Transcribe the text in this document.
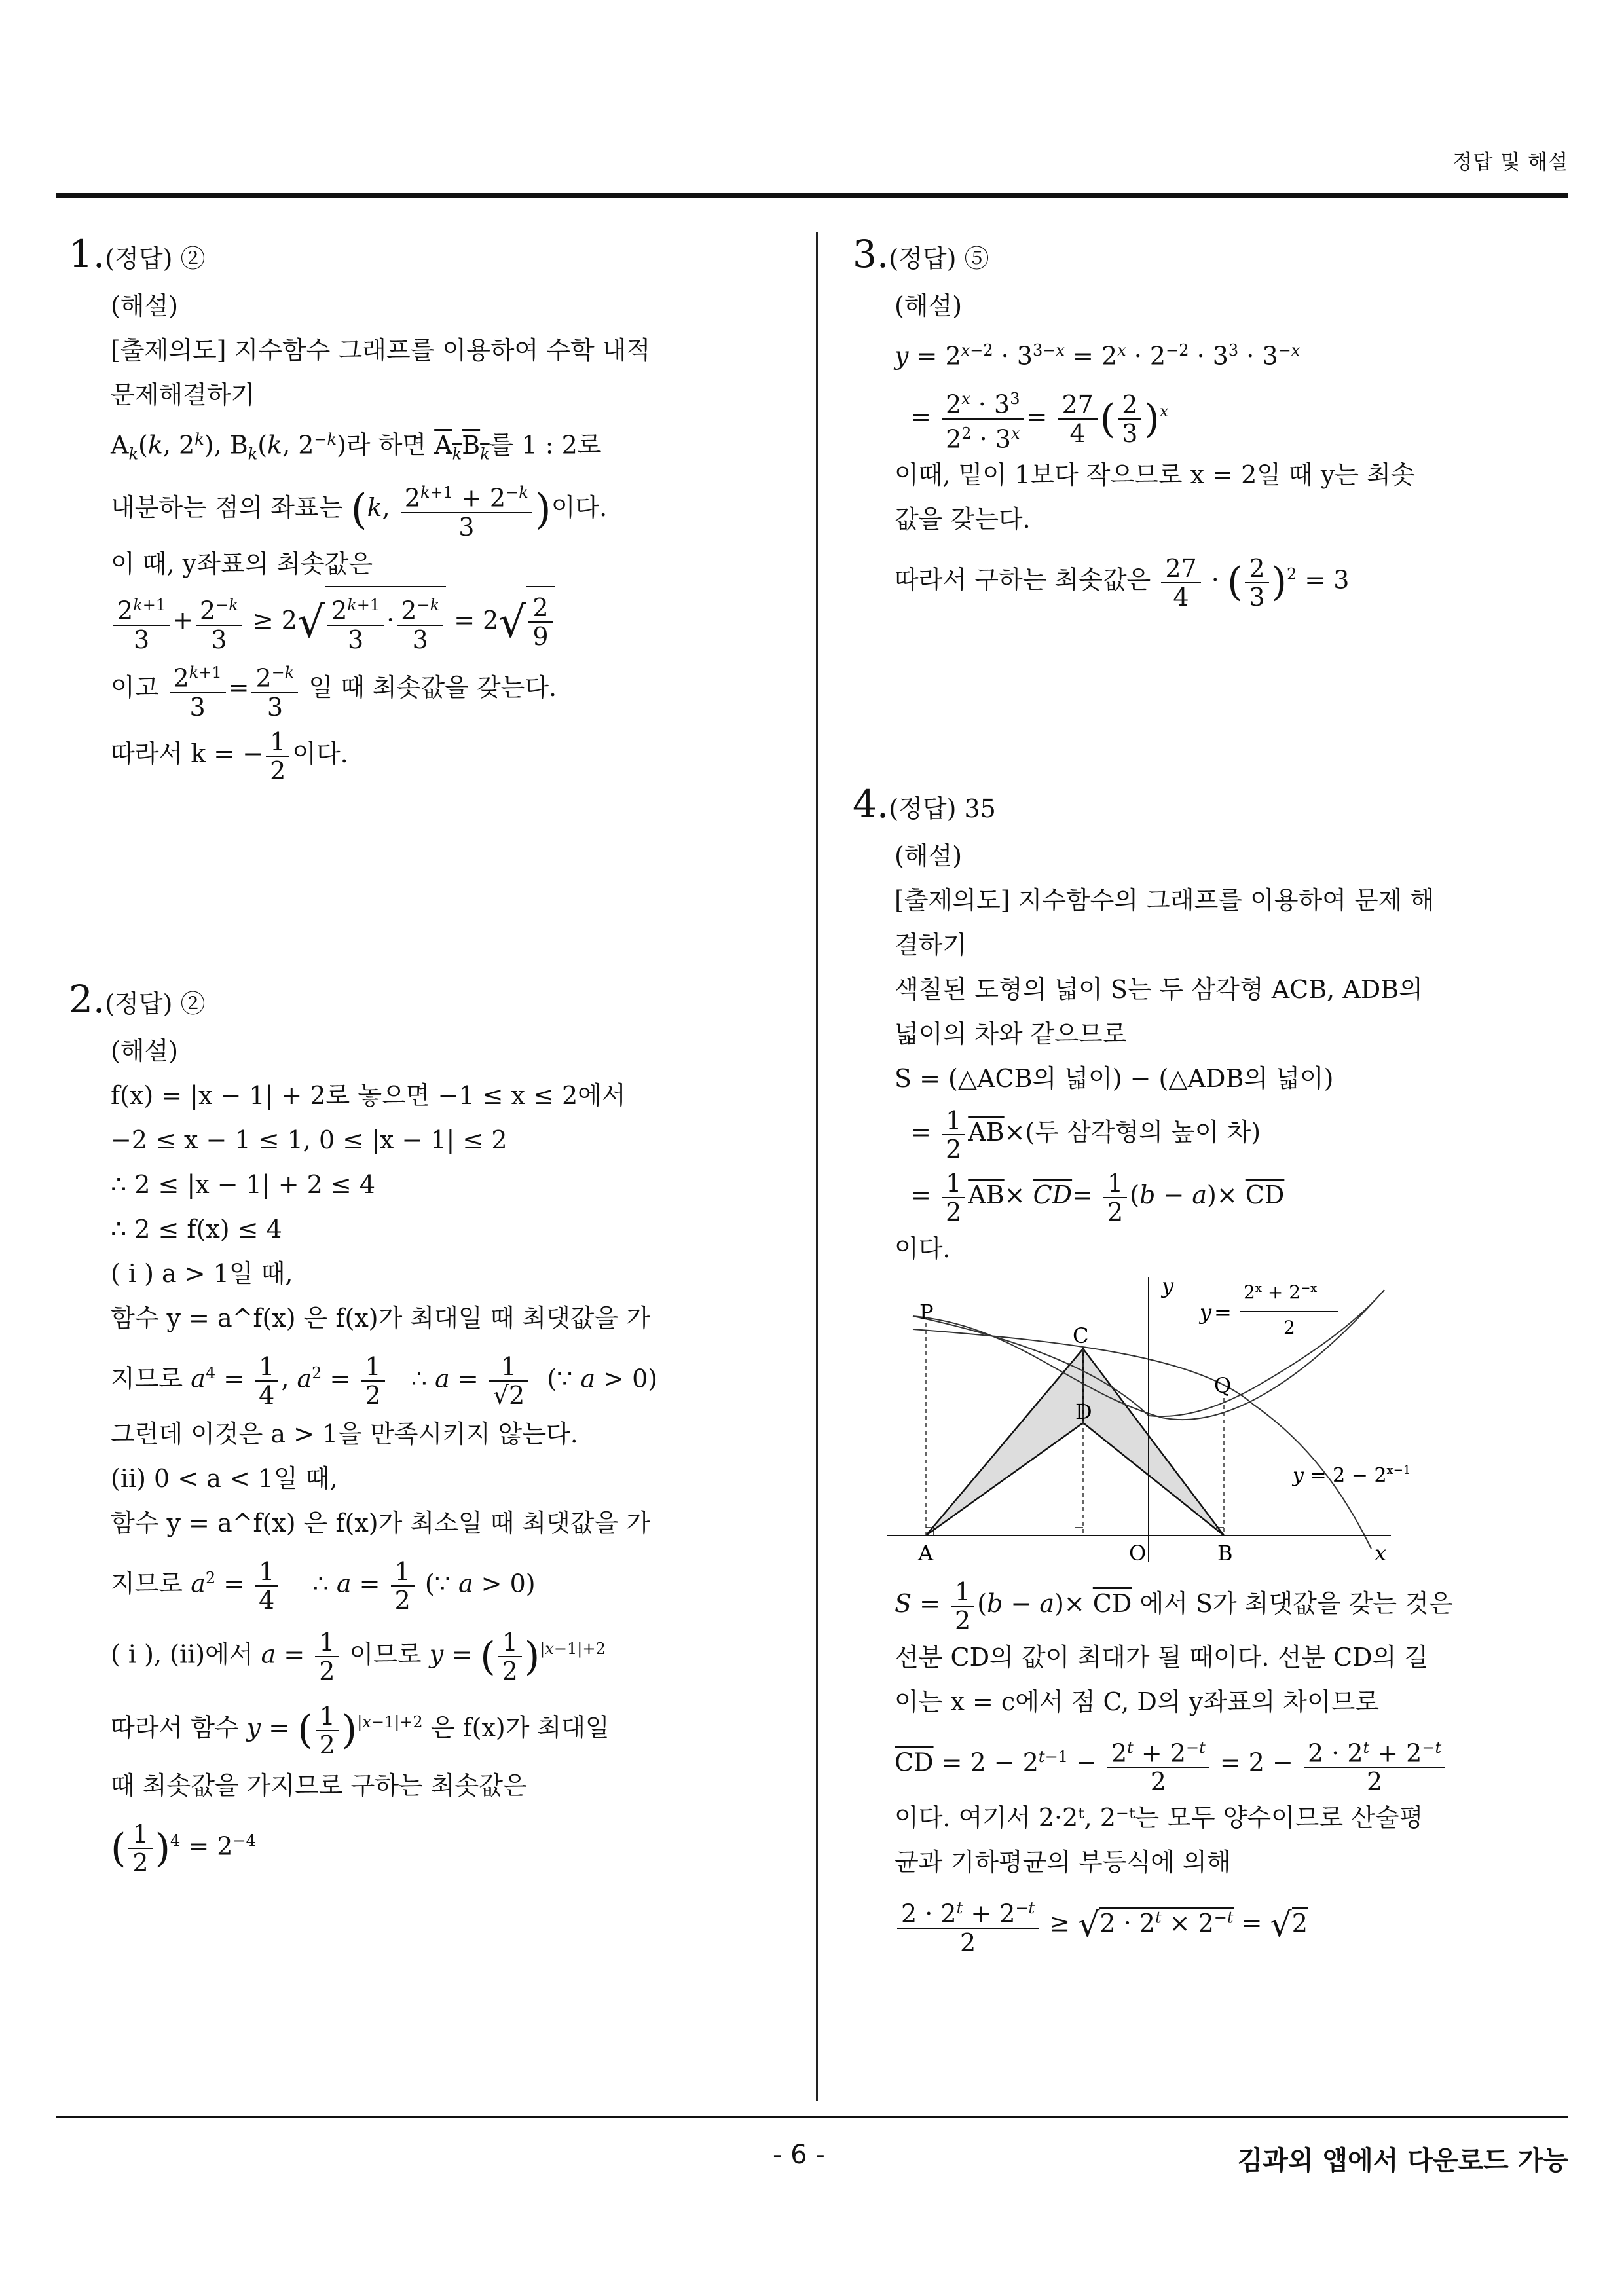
정답 및 해설
1.(정답) ②
(해설)
[출제의도] 지수함수 그래프를 이용하여 수학 내적
문제해결하기
$A_k(k$, 2$^k$), $B_k(k$, $2^{-k}$)라 하면 $A_kB_k$를 1 : 2로
내분하는 점의 좌표는 (k, $\frac{2^{k+1} + 2^{-k}}{3}$ )이다.
이 때, y좌표의 최솟값은
$\frac{2^{k+1}}{3} + \frac{2^{-k}}{3} \ge 2√ \frac{2^{k+1}}{3} \cdot \frac{2^{-k}}{3} = 2√ \frac{2}{9}$
이고 $\frac{2^{k+1}}{3} = \frac{2^{-k}}{3}$ 일 때 최솟값을 갖는다.
따라서 k = − $\frac{1}{2}$ 이다.
2.(정답) ②
(해설)
f(x) = |x − 1| + 2로 놓으면 −1 ≤ x ≤ 2에서
−2 ≤ x − 1 ≤ 1, 0 ≤ |x − 1| ≤ 2
∴ 2 ≤ |x − 1| + 2 ≤ 4
∴ 2 ≤ f(x) ≤ 4
( i ) a > 1일 때,
함수 y = a^f(x) 은 f(x)가 최대일 때 최댓값을 가
지므로 $a^4 = \frac{1}{4}$ , $a^2 = \frac{1}{2}$ ∴ $a = \frac{1}{√2}$ (∵ a > 0)
그런데 이것은 a > 1을 만족시키지 않는다.
(ii) 0 < a < 1일 때,
함수 y = a^f(x) 은 f(x)가 최소일 때 최댓값을 가
지므로 $a^2 = \frac{1}{4}$ ∴ $a = \frac{1}{2}$ (∵ a > 0)
( i ), (ii)에서 $a = \frac{1}{2}$ 이므로 y = ( $\frac{1}{2} )^{|x-1|+2}$
따라서 함수 y = ( $\frac{1}{2} )^{|x-1|+2}$ 은 f(x)가 최대일
때 최솟값을 가지므로 구하는 최솟값은
( $\frac{1}{2} )^4 = 2^{-4}$
3.(정답) ⑤
(해설)
$y = 2^{x-2} \cdot 3^{3-x} = 2^x \cdot 2^{-2} \cdot 3^3 \cdot 3^{-x}$
= $\frac{2^x \cdot 3^3}{2^2 \cdot 3^x} = \frac{27}{4}$ ( $\frac{2}{3} )^x$
이때, 밑이 1보다 작으므로 x = 2일 때 y는 최솟
값을 갖는다.
따라서 구하는 최솟값은 $\frac{27}{4}$ · ( $\frac{2}{3} )^2 = 3$
4.(정답) 35
(해설)
[출제의도] 지수함수의 그래프를 이용하여 문제 해
결하기
색칠된 도형의 넓이 S는 두 삼각형 ACB, ADB의
넓이의 차와 같으므로
S = (△ACB의 넓이) − (△ADB의 넓이)
= $\frac{1}{2} \overline{AB}\times$(두 삼각형의 높이 차)
= $\frac{1}{2} \overline{AB}\times \overline{CD}= \frac{1}{2} (b - a)\times \overline{CD}$
이다.
y
x
O
P
C
Q
D
A	B
y =
$2^x + 2^{-x}$
2
$y = 2 - 2^{x-1}$
$S = \frac{1}{2} (b - a)\times \overline{CD}$ 에서 S가 최댓값을 갖는 것은
선분 CD의 값이 최대가 될 때이다. 선분 CD의 길
이는 x = c에서 점 C, D의 y좌표의 차이므로
$\overline{CD} = 2 - 2^{t-1} - \frac{2^t + 2^{-t}}{2} = 2 - \frac{2 \cdot 2^t + 2^{-t}}{2}$
이다. 여기서 2·2ᵗ, 2⁻ᵗ는 모두 양수이므로 산술평
균과 기하평균의 부등식에 의해
$\frac{2 \cdot 2^t + 2^{-t}}{2} \ge √2 \cdot 2^t \times 2^{-t} = √2$
- 6 -	김과외 앱에서 다운로드 가능
